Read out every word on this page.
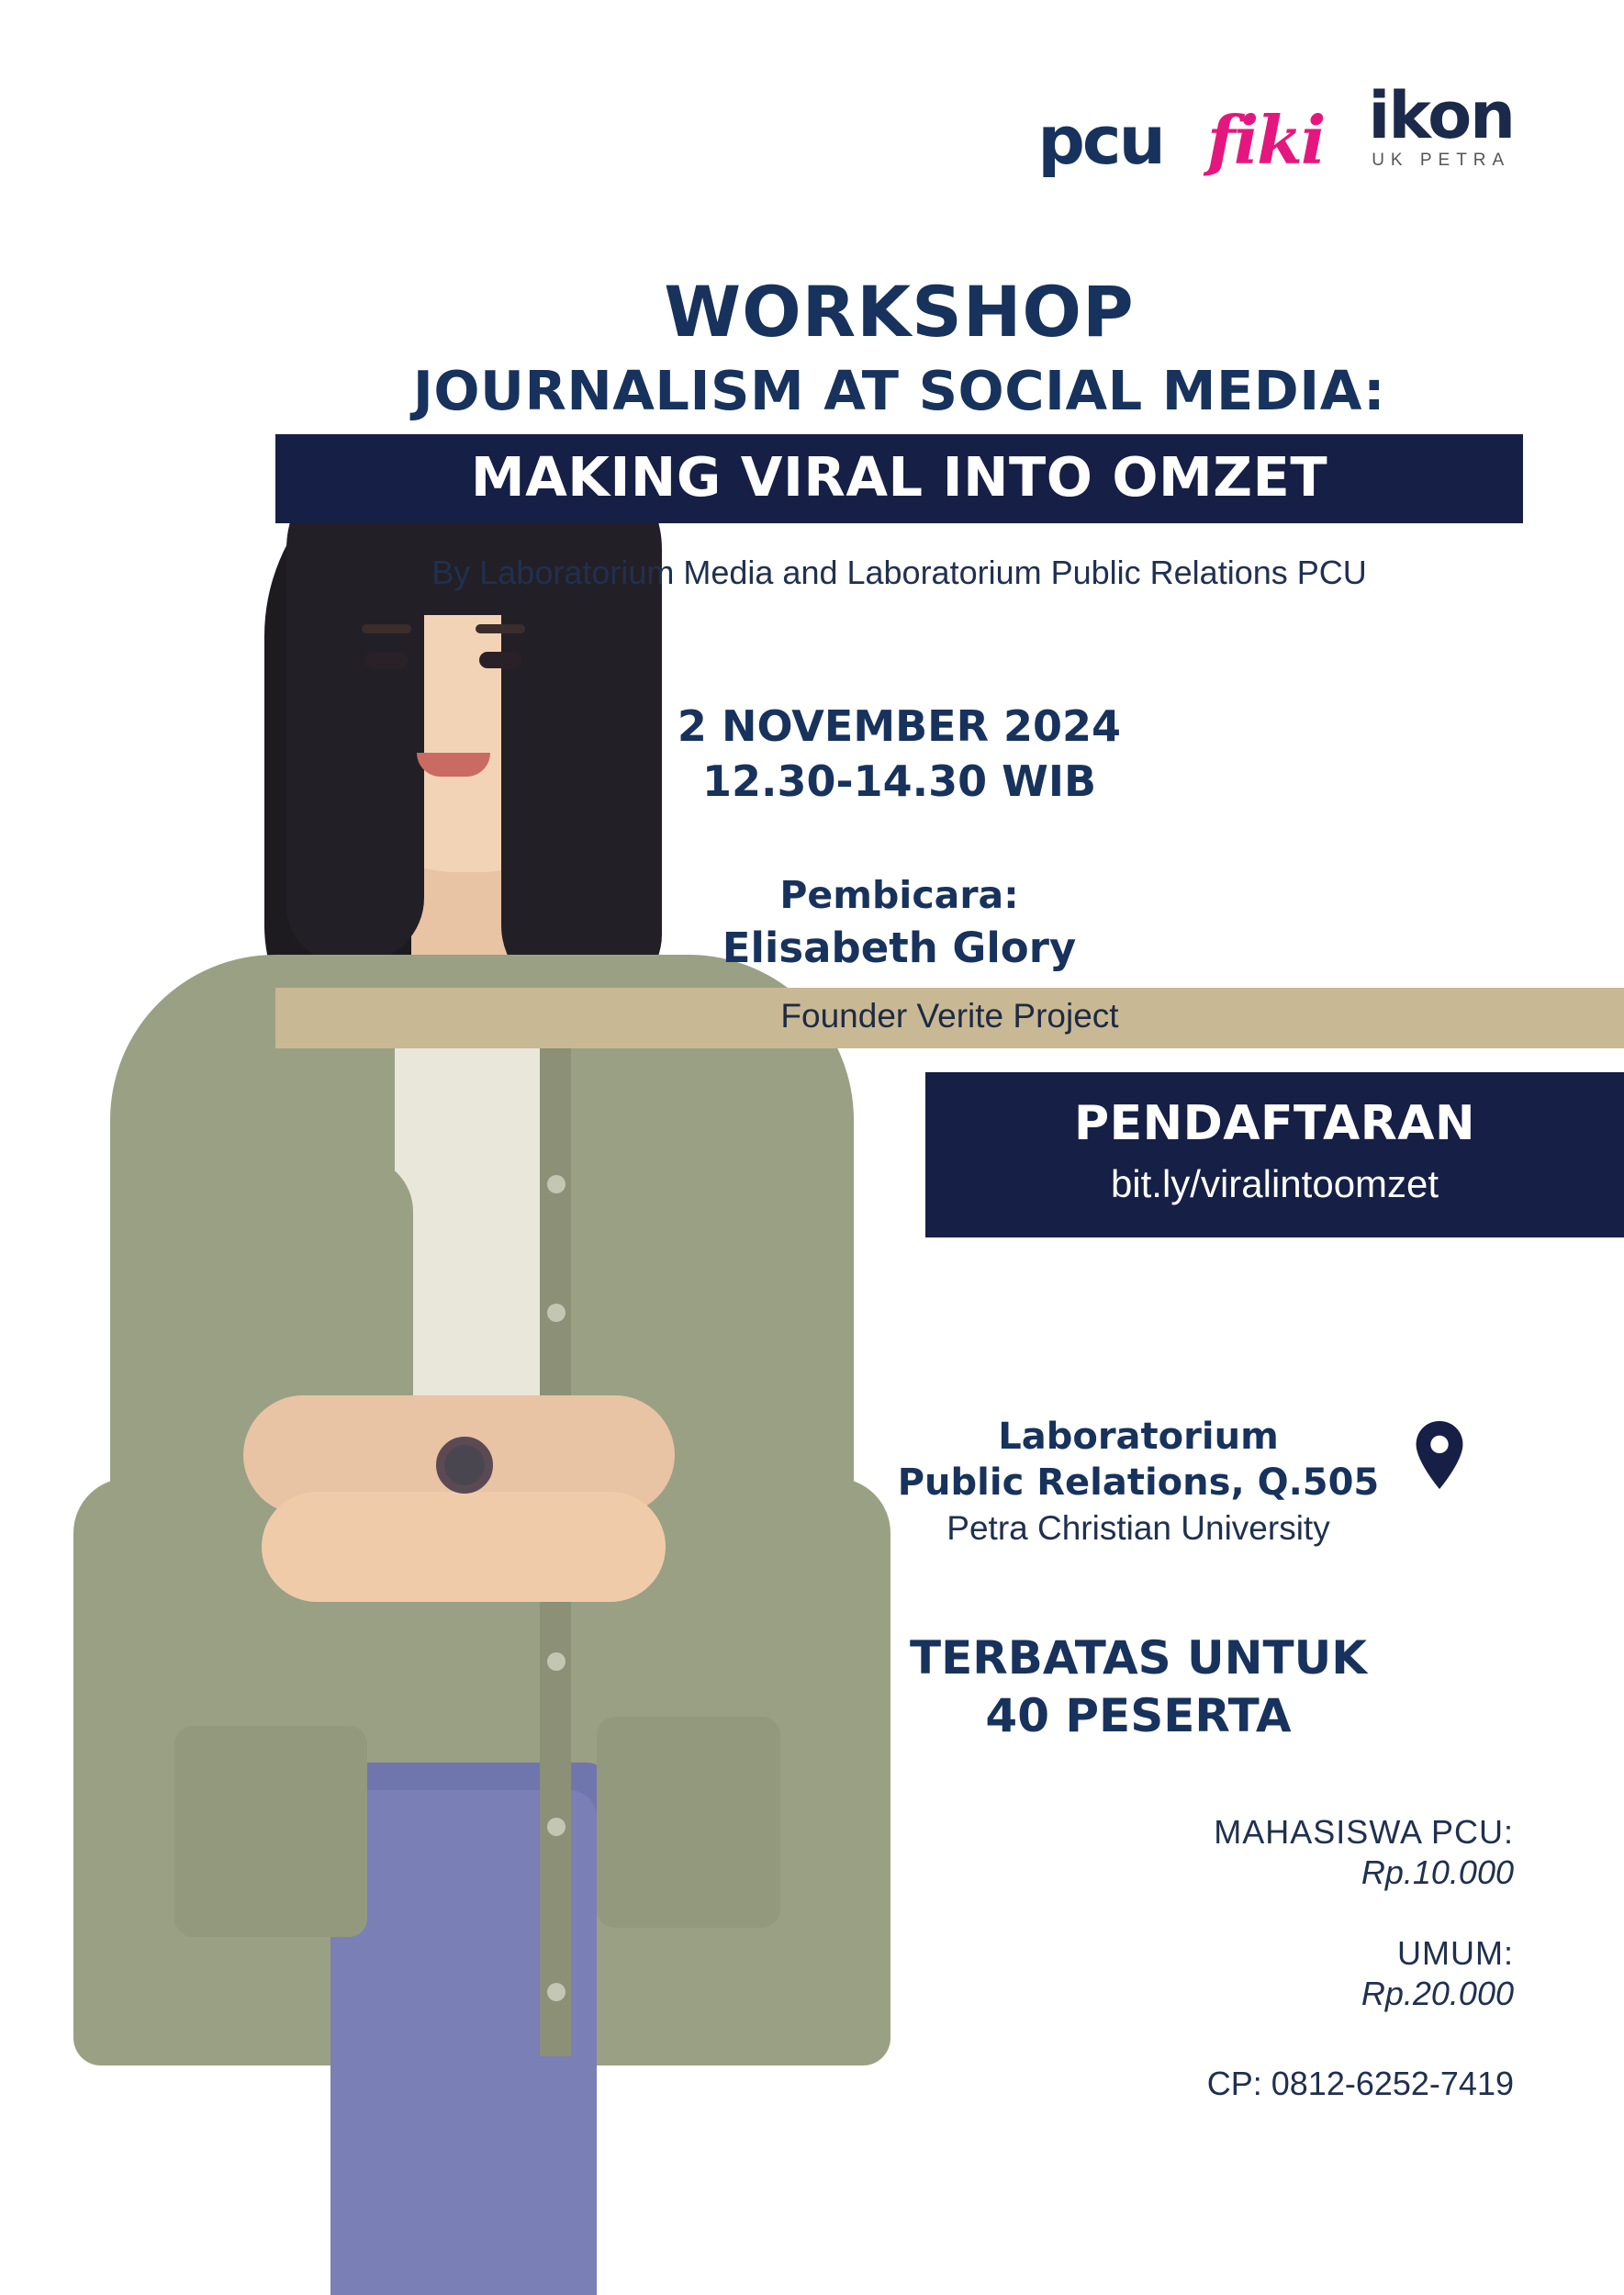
pcu fiki ikon
UK PETRA
WORKSHOP
JOURNALISM AT SOCIAL MEDIA:
MAKING VIRAL INTO OMZET
By Laboratorium Media and Laboratorium Public Relations PCU
2 NOVEMBER 2024
12.30-14.30 WIB
Pembicara:
Elisabeth Glory
Founder Verite Project
PENDAFTARAN
bit.ly/viralintoomzet
Laboratorium
Public Relations, Q.505
Petra Christian University
TERBATAS UNTUK
40 PESERTA
MAHASISWA PCU:
Rp.10.000
UMUM:
Rp.20.000
CP: 0812-6252-7419
